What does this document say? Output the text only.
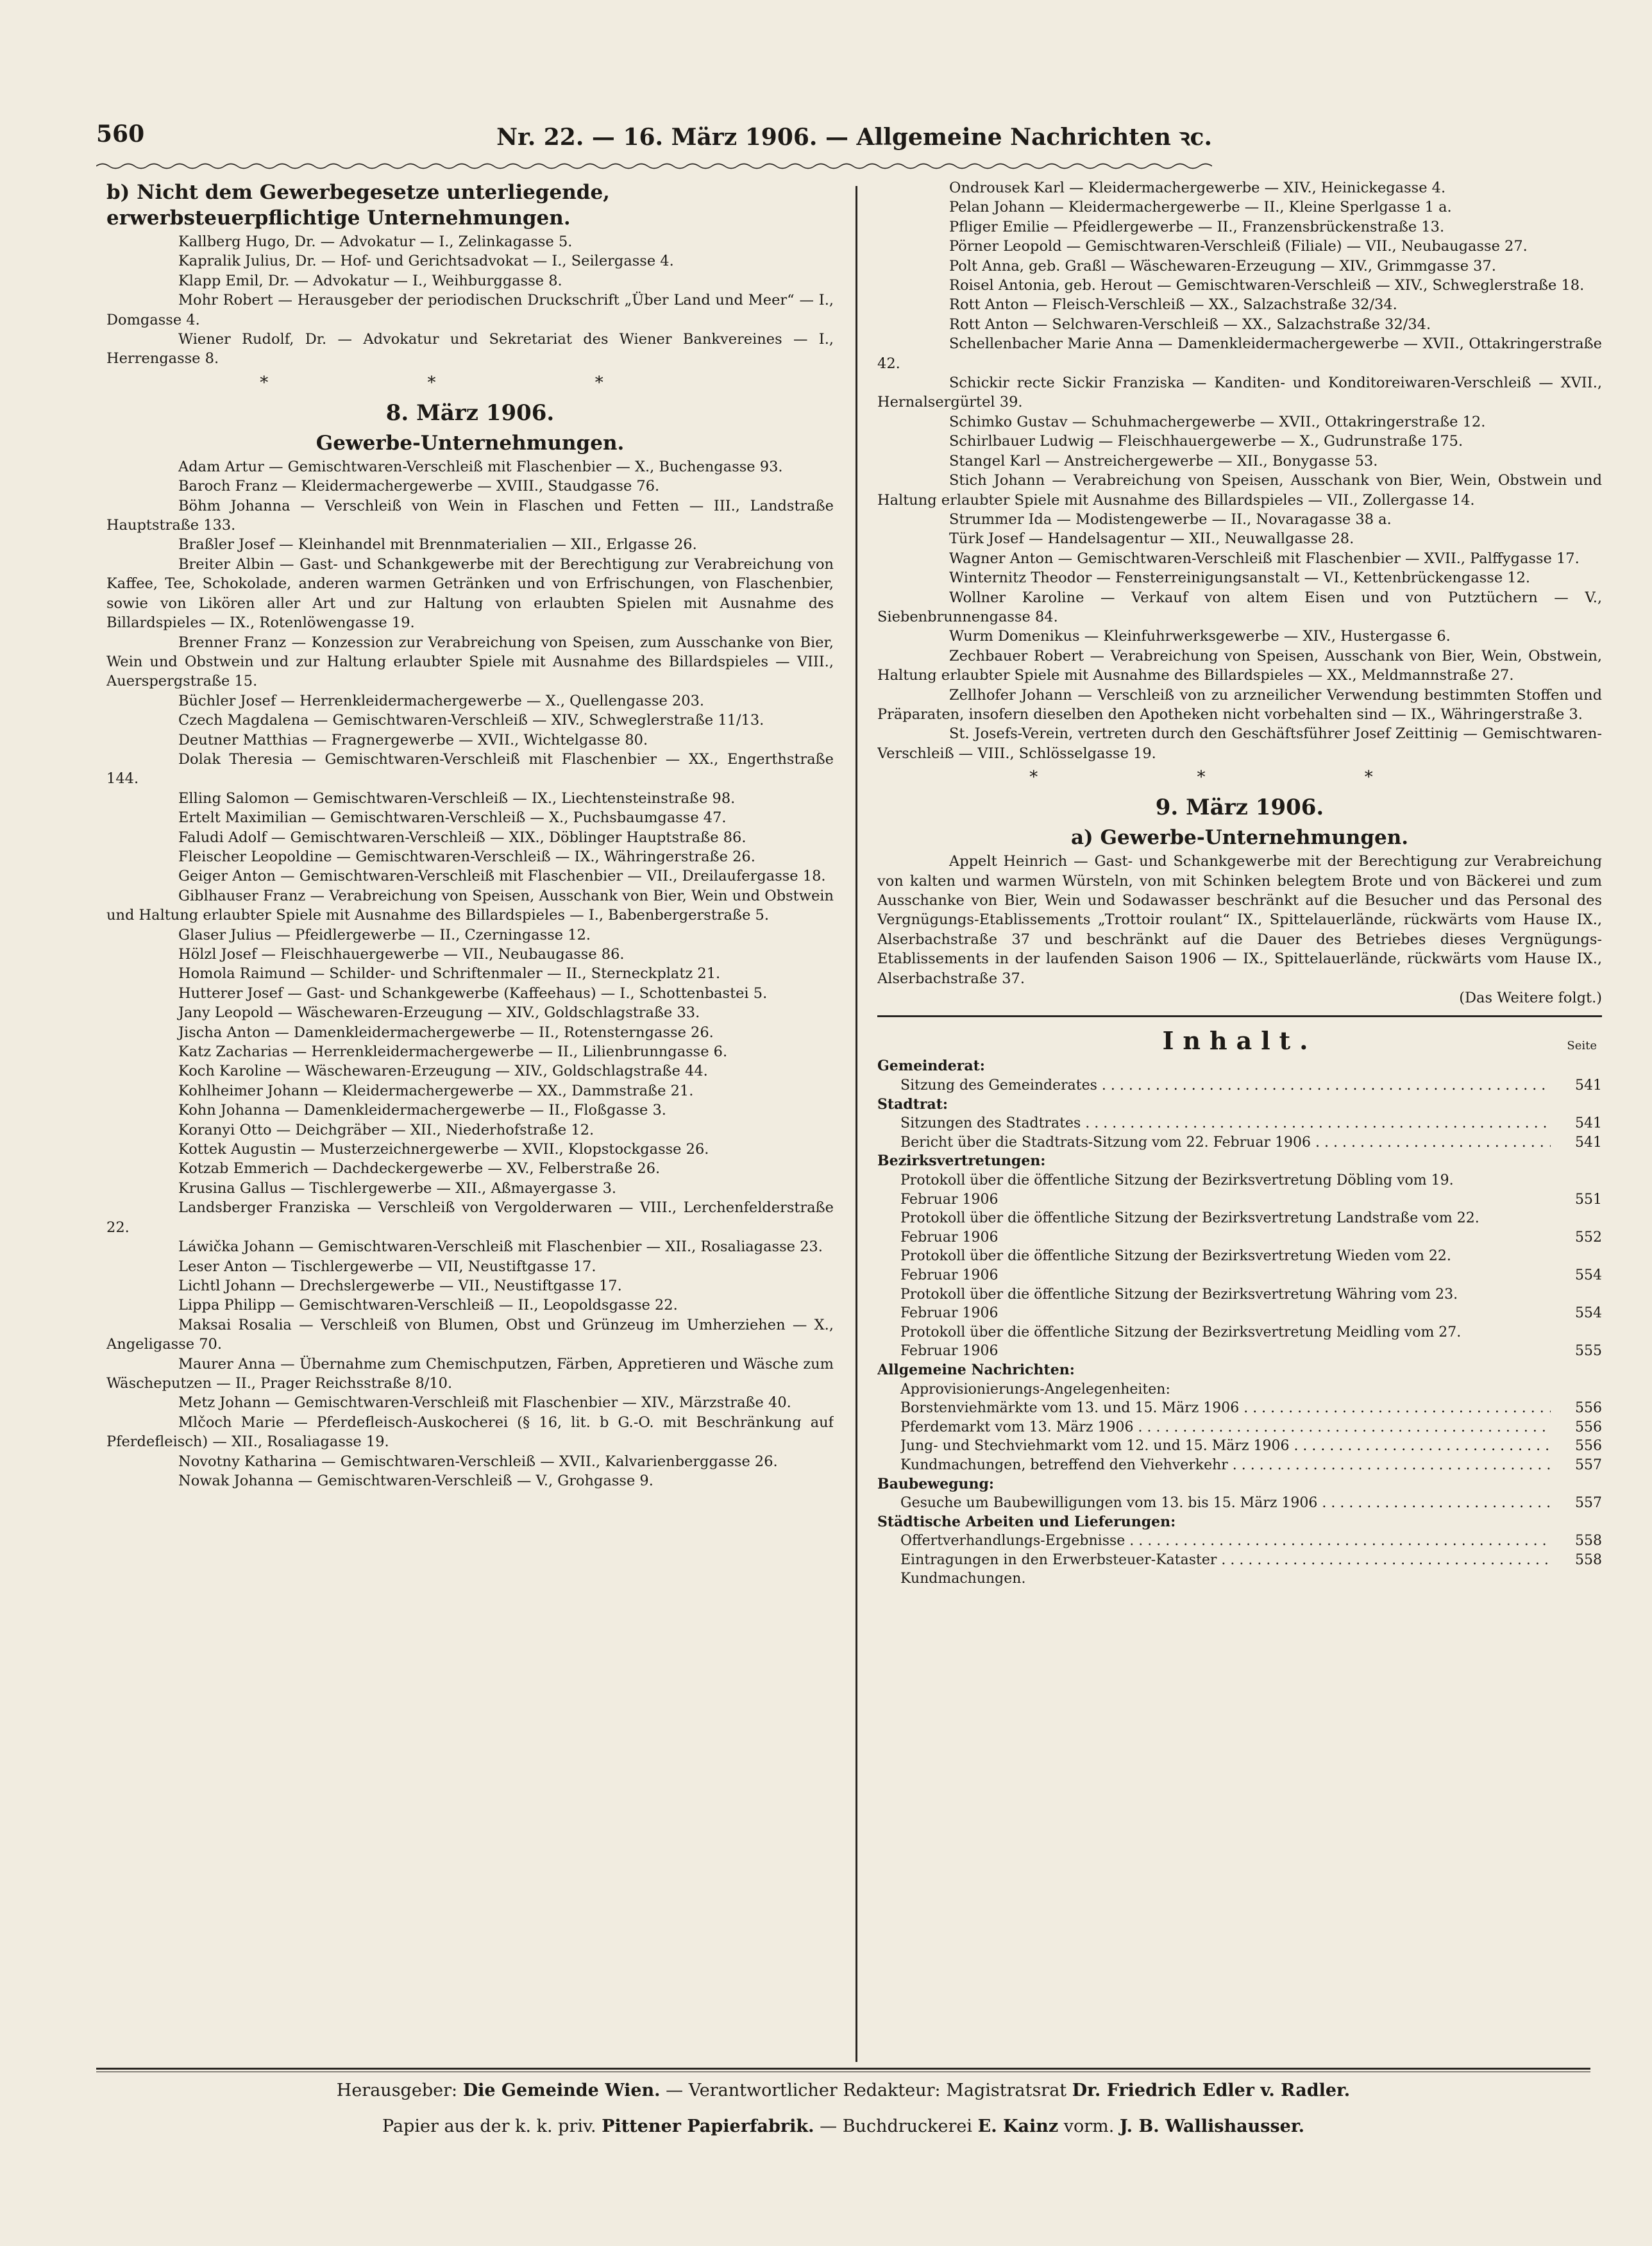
560	Nr. 22. — 16. März 1906. — Allgemeine Nachrichten ꝛc.
b) Nicht dem Gewerbegesetze unterliegende, erwerbsteuerpflichtige Unternehmungen.

Kallberg Hugo, Dr. — Advokatur — I., Zelinkagasse 5.

Kapralik Julius, Dr. — Hof- und Gerichtsadvokat — I., Seilergasse 4.

Klapp Emil, Dr. — Advokatur — I., Weihburggasse 8.

Mohr Robert — Herausgeber der periodischen Druckschrift „Über Land und Meer“ — I., Domgasse 4.

Wiener Rudolf, Dr. — Advokatur und Sekretariat des Wiener Bankvereines — I., Herrengasse 8.

* * *
8. März 1906.
Gewerbe-Unternehmungen.

Adam Artur — Gemischtwaren-Verschleiß mit Flaschenbier — X., Buchengasse 93.

Baroch Franz — Kleidermachergewerbe — XVIII., Staudgasse 76.

Böhm Johanna — Verschleiß von Wein in Flaschen und Fetten — III., Landstraße Hauptstraße 133.

Braßler Josef — Kleinhandel mit Brennmaterialien — XII., Erlgasse 26.

Breiter Albin — Gast- und Schankgewerbe mit der Berechtigung zur Verabreichung von Kaffee, Tee, Schokolade, anderen warmen Getränken und von Erfrischungen, von Flaschenbier, sowie von Likören aller Art und zur Haltung von erlaubten Spielen mit Ausnahme des Billardspieles — IX., Rotenlöwengasse 19.

Brenner Franz — Konzession zur Verabreichung von Speisen, zum Ausschanke von Bier, Wein und Obstwein und zur Haltung erlaubter Spiele mit Ausnahme des Billardspieles — VIII., Auerspergstraße 15.

Büchler Josef — Herrenkleidermachergewerbe — X., Quellengasse 203.

Czech Magdalena — Gemischtwaren-Verschleiß — XIV., Schweglerstraße 11/13.

Deutner Matthias — Fragnergewerbe — XVII., Wichtelgasse 80.

Dolak Theresia — Gemischtwaren-Verschleiß mit Flaschenbier — XX., Engerthstraße 144.

Elling Salomon — Gemischtwaren-Verschleiß — IX., Liechtensteinstraße 98.

Ertelt Maximilian — Gemischtwaren-Verschleiß — X., Puchsbaumgasse 47.

Faludi Adolf — Gemischtwaren-Verschleiß — XIX., Döblinger Hauptstraße 86.

Fleischer Leopoldine — Gemischtwaren-Verschleiß — IX., Währingerstraße 26.

Geiger Anton — Gemischtwaren-Verschleiß mit Flaschenbier — VII., Dreilaufergasse 18.

Giblhauser Franz — Verabreichung von Speisen, Ausschank von Bier, Wein und Obstwein und Haltung erlaubter Spiele mit Ausnahme des Billardspieles — I., Babenbergerstraße 5.

Glaser Julius — Pfeidlergewerbe — II., Czerningasse 12.

Hölzl Josef — Fleischhauergewerbe — VII., Neubaugasse 86.

Homola Raimund — Schilder- und Schriftenmaler — II., Sterneckplatz 21.

Hutterer Josef — Gast- und Schankgewerbe (Kaffeehaus) — I., Schottenbastei 5.

Jany Leopold — Wäschewaren-Erzeugung — XIV., Goldschlagstraße 33.

Jischa Anton — Damenkleidermachergewerbe — II., Rotensterngasse 26.

Katz Zacharias — Herrenkleidermachergewerbe — II., Lilienbrunngasse 6.

Koch Karoline — Wäschewaren-Erzeugung — XIV., Goldschlagstraße 44.

Kohlheimer Johann — Kleidermachergewerbe — XX., Dammstraße 21.

Kohn Johanna — Damenkleidermachergewerbe — II., Floßgasse 3.

Koranyi Otto — Deichgräber — XII., Niederhofstraße 12.

Kottek Augustin — Musterzeichnergewerbe — XVII., Klopstockgasse 26.

Kotzab Emmerich — Dachdeckergewerbe — XV., Felberstraße 26.

Krusina Gallus — Tischlergewerbe — XII., Aßmayergasse 3.

Landsberger Franziska — Verschleiß von Vergolderwaren — VIII., Lerchenfelderstraße 22.

Láwička Johann — Gemischtwaren-Verschleiß mit Flaschenbier — XII., Rosaliagasse 23.

Leser Anton — Tischlergewerbe — VII, Neustiftgasse 17.

Lichtl Johann — Drechslergewerbe — VII., Neustiftgasse 17.

Lippa Philipp — Gemischtwaren-Verschleiß — II., Leopoldsgasse 22.

Maksai Rosalia — Verschleiß von Blumen, Obst und Grünzeug im Umherziehen — X., Angeligasse 70.

Maurer Anna — Übernahme zum Chemischputzen, Färben, Appretieren und Wäsche zum Wäscheputzen — II., Prager Reichsstraße 8/10.

Metz Johann — Gemischtwaren-Verschleiß mit Flaschenbier — XIV., Märzstraße 40.

Mlčoch Marie — Pferdefleisch-Auskocherei (§ 16, lit. b G.-O. mit Beschränkung auf Pferdefleisch) — XII., Rosaliagasse 19.

Novotny Katharina — Gemischtwaren-Verschleiß — XVII., Kalvarienberggasse 26.

Nowak Johanna — Gemischtwaren-Verschleiß — V., Grohgasse 9.

Ondrousek Karl — Kleidermachergewerbe — XIV., Heinickegasse 4.

Pelan Johann — Kleidermachergewerbe — II., Kleine Sperlgasse 1 a.

Pfliger Emilie — Pfeidlergewerbe — II., Franzensbrückenstraße 13.

Pörner Leopold — Gemischtwaren-Verschleiß (Filiale) — VII., Neubaugasse 27.

Polt Anna, geb. Graßl — Wäschewaren-Erzeugung — XIV., Grimmgasse 37.

Roisel Antonia, geb. Herout — Gemischtwaren-Verschleiß — XIV., Schweglerstraße 18.

Rott Anton — Fleisch-Verschleiß — XX., Salzachstraße 32/34.

Rott Anton — Selchwaren-Verschleiß — XX., Salzachstraße 32/34.

Schellenbacher Marie Anna — Damenkleidermachergewerbe — XVII., Ottakringerstraße 42.

Schickir recte Sickir Franziska — Kanditen- und Konditoreiwaren-Verschleiß — XVII., Hernalsergürtel 39.

Schimko Gustav — Schuhmachergewerbe — XVII., Ottakringerstraße 12.

Schirlbauer Ludwig — Fleischhauergewerbe — X., Gudrunstraße 175.

Stangel Karl — Anstreichergewerbe — XII., Bonygasse 53.

Stich Johann — Verabreichung von Speisen, Ausschank von Bier, Wein, Obstwein und Haltung erlaubter Spiele mit Ausnahme des Billardspieles — VII., Zollergasse 14.

Strummer Ida — Modistengewerbe — II., Novaragasse 38 a.

Türk Josef — Handelsagentur — XII., Neuwallgasse 28.

Wagner Anton — Gemischtwaren-Verschleiß mit Flaschenbier — XVII., Palffygasse 17.

Winternitz Theodor — Fensterreinigungsanstalt — VI., Kettenbrückengasse 12.

Wollner Karoline — Verkauf von altem Eisen und von Putztüchern — V., Siebenbrunnengasse 84.

Wurm Domenikus — Kleinfuhrwerksgewerbe — XIV., Hustergasse 6.

Zechbauer Robert — Verabreichung von Speisen, Ausschank von Bier, Wein, Obstwein, Haltung erlaubter Spiele mit Ausnahme des Billardspieles — XX., Meldmannstraße 27.

Zellhofer Johann — Verschleiß von zu arzneilicher Verwendung bestimmten Stoffen und Präparaten, insofern dieselben den Apotheken nicht vorbehalten sind — IX., Währingerstraße 3.

St. Josefs-Verein, vertreten durch den Geschäftsführer Josef Zeittinig — Gemischtwaren-Verschleiß — VIII., Schlösselgasse 19.

* * *
9. März 1906.
a) Gewerbe-Unternehmungen.

Appelt Heinrich — Gast- und Schankgewerbe mit der Berechtigung zur Verabreichung von kalten und warmen Würsteln, von mit Schinken belegtem Brote und von Bäckerei und zum Ausschanke von Bier, Wein und Sodawasser beschränkt auf die Besucher und das Personal des Vergnügungs-Etablissements „Trottoir roulant“ IX., Spittelauerlände, rückwärts vom Hause IX., Alserbachstraße 37 und beschränkt auf die Dauer des Betriebes dieses Vergnügungs-Etablissements in der laufenden Saison 1906 — IX., Spittelauerlände, rückwärts vom Hause IX., Alserbachstraße 37.

(Das Weitere folgt.)

Inhalt.	Seite
Gemeinderat:
Sitzung des Gemeinderates . . .	541
Stadtrat:
Sitzungen des Stadtrates . . .	541
Bericht über die Stadtrats-Sitzung vom 22. Februar 1906 . . .	541
Bezirksvertretungen:
Protokoll über die öffentliche Sitzung der Bezirksvertretung Döbling vom 19. Februar 1906	551
Protokoll über die öffentliche Sitzung der Bezirksvertretung Landstraße vom 22. Februar 1906	552
Protokoll über die öffentliche Sitzung der Bezirksvertretung Wieden vom 22. Februar 1906	554
Protokoll über die öffentliche Sitzung der Bezirksvertretung Währing vom 23. Februar 1906	554
Protokoll über die öffentliche Sitzung der Bezirksvertretung Meidling vom 27. Februar 1906	555
Allgemeine Nachrichten:
Approvisionierungs-Angelegenheiten:
Borstenviehmärkte vom 13. und 15. März 1906 . . .	556
Pferdemarkt vom 13. März 1906 . . .	556
Jung- und Stechviehmarkt vom 12. und 15. März 1906 . . .	556
Kundmachungen, betreffend den Viehverkehr . . .	557
Baubewegung:
Gesuche um Baubewilligungen vom 13. bis 15. März 1906 . . .	557
Städtische Arbeiten und Lieferungen:
Offertverhandlungs-Ergebnisse . . .	558
Eintragungen in den Erwerbsteuer-Kataster . . .	558
Kundmachungen.
Herausgeber: Die Gemeinde Wien. — Verantwortlicher Redakteur: Magistratsrat Dr. Friedrich Edler v. Radler.
Papier aus der k. k. priv. Pittener Papierfabrik. — Buchdruckerei E. Kainz vorm. J. B. Wallishausser.
